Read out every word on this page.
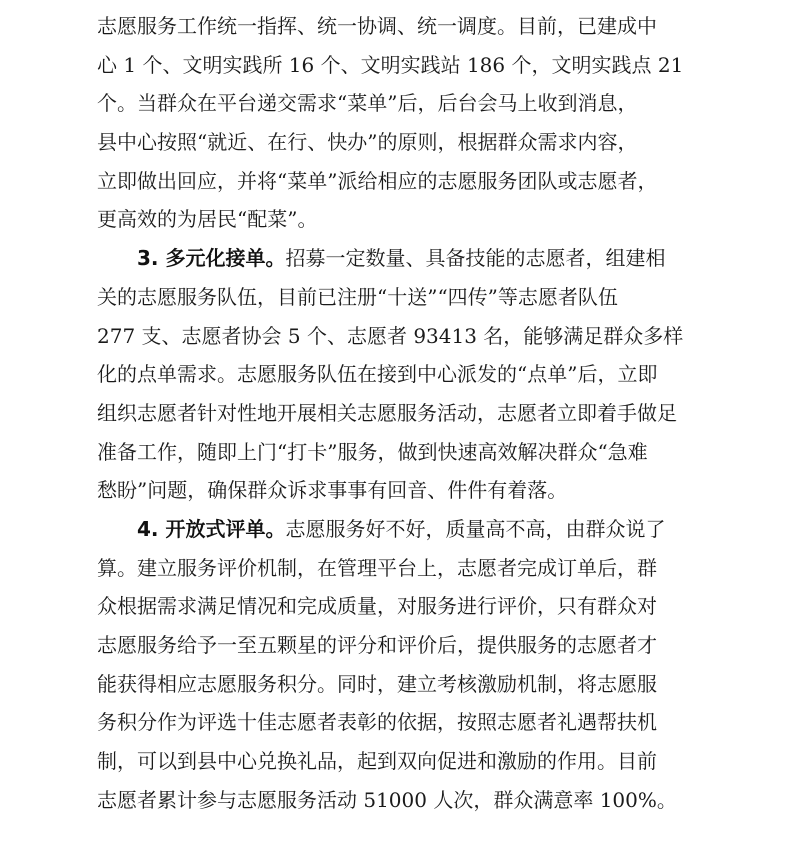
志愿服务工作统一指挥、统一协调、统一调度。目前，已建成中
心 1 个、文明实践所 16 个、文明实践站 186 个，文明实践点 21
个。当群众在平台递交需求“菜单”后，后台会马上收到消息，
县中心按照“就近、在行、快办”的原则，根据群众需求内容，
立即做出回应，并将“菜单”派给相应的志愿服务团队或志愿者，
更高效的为居民“配菜”。
3. 多元化接单。招募一定数量、具备技能的志愿者，组建相
关的志愿服务队伍，目前已注册“十送”“四传”等志愿者队伍
277 支、志愿者协会 5 个、志愿者 93413 名，能够满足群众多样
化的点单需求。志愿服务队伍在接到中心派发的“点单”后，立即
组织志愿者针对性地开展相关志愿服务活动，志愿者立即着手做足
准备工作，随即上门“打卡”服务，做到快速高效解决群众“急难
愁盼”问题，确保群众诉求事事有回音、件件有着落。
4. 开放式评单。志愿服务好不好，质量高不高，由群众说了
算。建立服务评价机制，在管理平台上，志愿者完成订单后，群
众根据需求满足情况和完成质量，对服务进行评价，只有群众对
志愿服务给予一至五颗星的评分和评价后，提供服务的志愿者才
能获得相应志愿服务积分。同时，建立考核激励机制，将志愿服
务积分作为评选十佳志愿者表彰的依据，按照志愿者礼遇帮扶机
制，可以到县中心兑换礼品，起到双向促进和激励的作用。目前
志愿者累计参与志愿服务活动 51000 人次，群众满意率 100%。
